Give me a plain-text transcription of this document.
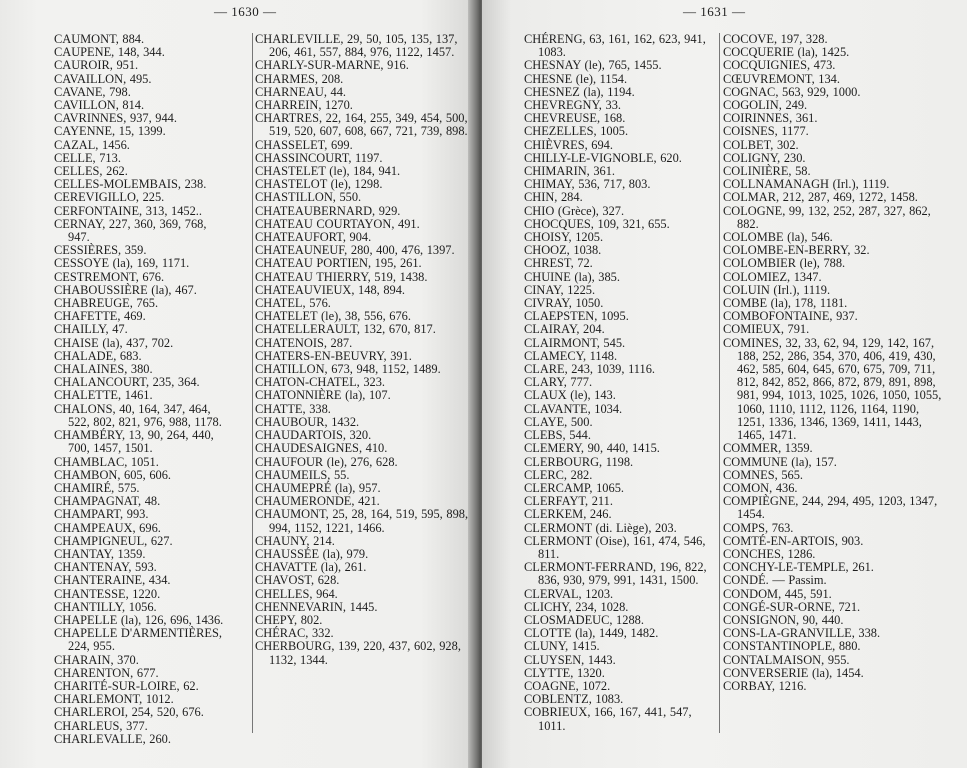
— 1630 —
CAUMONT, 884.
CAUPENE, 148, 344.
CAUROIR, 951.
CAVAILLON, 495.
CAVANE, 798.
CAVILLON, 814.
CAVRINNES, 937, 944.
CAYENNE, 15, 1399.
CAZAL, 1456.
CELLE, 713.
CELLES, 262.
CELLES-MOLEMBAIS, 238.
CEREVIGILLO, 225.
CERFONTAINE, 313, 1452..
CERNAY, 227, 360, 369, 768, 947.
CESSIÈRES, 359.
CESSOYE (la), 169, 1171.
CESTREMONT, 676.
CHABOUSSIÈRE (la), 467.
CHABREUGE, 765.
CHAFETTE, 469.
CHAILLY, 47.
CHAISE (la), 437, 702.
CHALADE, 683.
CHALAINES, 380.
CHALANCOURT, 235, 364.
CHALETTE, 1461.
CHALONS, 40, 164, 347, 464, 522, 802, 821, 976, 988, 1178.
CHAMBÉRY, 13, 90, 264, 440, 700, 1457, 1501.
CHAMBLAC, 1051.
CHAMBON, 605, 606.
CHAMIRÉ, 575.
CHAMPAGNAT, 48.
CHAMPART, 993.
CHAMPEAUX, 696.
CHAMPIGNEUL, 627.
CHANTAY, 1359.
CHANTENAY, 593.
CHANTERAINE, 434.
CHANTESSE, 1220.
CHANTILLY, 1056.
CHAPELLE (la), 126, 696, 1436.
CHAPELLE D'ARMENTIÈRES, 224, 955.
CHARAIN, 370.
CHARENTON, 677.
CHARITÉ-SUR-LOIRE, 62.
CHARLEMONT, 1012.
CHARLEROI, 254, 520, 676.
CHARLEUS, 377.
CHARLEVALLE, 260.
CHARLEVILLE, 29, 50, 105, 135, 137, 206, 461, 557, 884, 976, 1122, 1457.
CHARLY-SUR-MARNE, 916.
CHARMES, 208.
CHARNEAU, 44.
CHARREIN, 1270.
CHARTRES, 22, 164, 255, 349, 454, 500, 519, 520, 607, 608, 667, 721, 739, 898.
CHASSELET, 699.
CHASSINCOURT, 1197.
CHASTELET (le), 184, 941.
CHASTELOT (le), 1298.
CHASTILLON, 550.
CHATEAUBERNARD, 929.
CHATEAU COURTAYON, 491.
CHATEAUFORT, 904.
CHATEAUNEUF, 280, 400, 476, 1397.
CHATEAU PORTIEN, 195, 261.
CHATEAU THIERRY, 519, 1438.
CHATEAUVIEUX, 148, 894.
CHATEL, 576.
CHATELET (le), 38, 556, 676.
CHATELLERAULT, 132, 670, 817.
CHATENOIS, 287.
CHATERS-EN-BEUVRY, 391.
CHATILLON, 673, 948, 1152, 1489.
CHATON-CHATEL, 323.
CHATONNIÈRE (la), 107.
CHATTE, 338.
CHAUBOUR, 1432.
CHAUDARTOIS, 320.
CHAUDESAIGNES, 410.
CHAUFOUR (le), 276, 628.
CHAUMEILS, 55.
CHAUMEPRÉ (la), 957.
CHAUMERONDE, 421.
CHAUMONT, 25, 28, 164, 519, 595, 898, 994, 1152, 1221, 1466.
CHAUNY, 214.
CHAUSSÉE (la), 979.
CHAVATTE (la), 261.
CHAVOST, 628.
CHELLES, 964.
CHENNEVARIN, 1445.
CHEPY, 802.
CHÉRAC, 332.
CHERBOURG, 139, 220, 437, 602, 928, 1132, 1344.
— 1631 —
CHÉRENG, 63, 161, 162, 623, 941, 1083.
CHESNAY (le), 765, 1455.
CHESNE (le), 1154.
CHESNEZ (la), 1194.
CHEVREGNY, 33.
CHEVREUSE, 168.
CHEZELLES, 1005.
CHIÈVRES, 694.
CHILLY-LE-VIGNOBLE, 620.
CHIMARIN, 361.
CHIMAY, 536, 717, 803.
CHIN, 284.
CHIO (Grèce), 327.
CHOCQUES, 109, 321, 655.
CHOISY, 1205.
CHOOZ, 1038.
CHREST, 72.
CHUINE (la), 385.
CINAY, 1225.
CIVRAY, 1050.
CLAEPSTEN, 1095.
CLAIRAY, 204.
CLAIRMONT, 545.
CLAMECY, 1148.
CLARE, 243, 1039, 1116.
CLARY, 777.
CLAUX (le), 143.
CLAVANTE, 1034.
CLAYE, 500.
CLEBS, 544.
CLEMERY, 90, 440, 1415.
CLERBOURG, 1198.
CLERC, 282.
CLERCAMP, 1065.
CLERFAYT, 211.
CLERKEM, 246.
CLERMONT (di. Liège), 203.
CLERMONT (Oise), 161, 474, 546, 811.
CLERMONT-FERRAND, 196, 822, 836, 930, 979, 991, 1431, 1500.
CLERVAL, 1203.
CLICHY, 234, 1028.
CLOSMADEUC, 1288.
CLOTTE (la), 1449, 1482.
CLUNY, 1415.
CLUYSEN, 1443.
CLYTTE, 1320.
COAGNE, 1072.
COBLENTZ, 1083.
COBRIEUX, 166, 167, 441, 547, 1011.
COCOVE, 197, 328.
COCQUERIE (la), 1425.
COCQUIGNIES, 473.
CŒUVREMONT, 134.
COGNAC, 563, 929, 1000.
COGOLIN, 249.
COIRINNES, 361.
COISNES, 1177.
COLBET, 302.
COLIGNY, 230.
COLINIÈRE, 58.
COLLNAMANAGH (Irl.), 1119.
COLMAR, 212, 287, 469, 1272, 1458.
COLOGNE, 99, 132, 252, 287, 327, 862, 882.
COLOMBE (la), 546.
COLOMBE-EN-BERRY, 32.
COLOMBIER (le), 788.
COLOMIEZ, 1347.
COLUIN (Irl.), 1119.
COMBE (la), 178, 1181.
COMBOFONTAINE, 937.
COMIEUX, 791.
COMINES, 32, 33, 62, 94, 129, 142, 167, 188, 252, 286, 354, 370, 406, 419, 430, 462, 585, 604, 645, 670, 675, 709, 711, 812, 842, 852, 866, 872, 879, 891, 898, 981, 994, 1013, 1025, 1026, 1050, 1055, 1060, 1110, 1112, 1126, 1164, 1190, 1251, 1336, 1346, 1369, 1411, 1443, 1465, 1471.
COMMER, 1359.
COMMUNE (la), 157.
COMNES, 565.
COMON, 436.
COMPIÈGNE, 244, 294, 495, 1203, 1347, 1454.
COMPS, 763.
COMTÉ-EN-ARTOIS, 903.
CONCHES, 1286.
CONCHY-LE-TEMPLE, 261.
CONDÉ. — Passim.
CONDOM, 445, 591.
CONGÉ-SUR-ORNE, 721.
CONSIGNON, 90, 440.
CONS-LA-GRANVILLE, 338.
CONSTANTINOPLE, 880.
CONTALMAISON, 955.
CONVERSERIE (la), 1454.
CORBAY, 1216.
